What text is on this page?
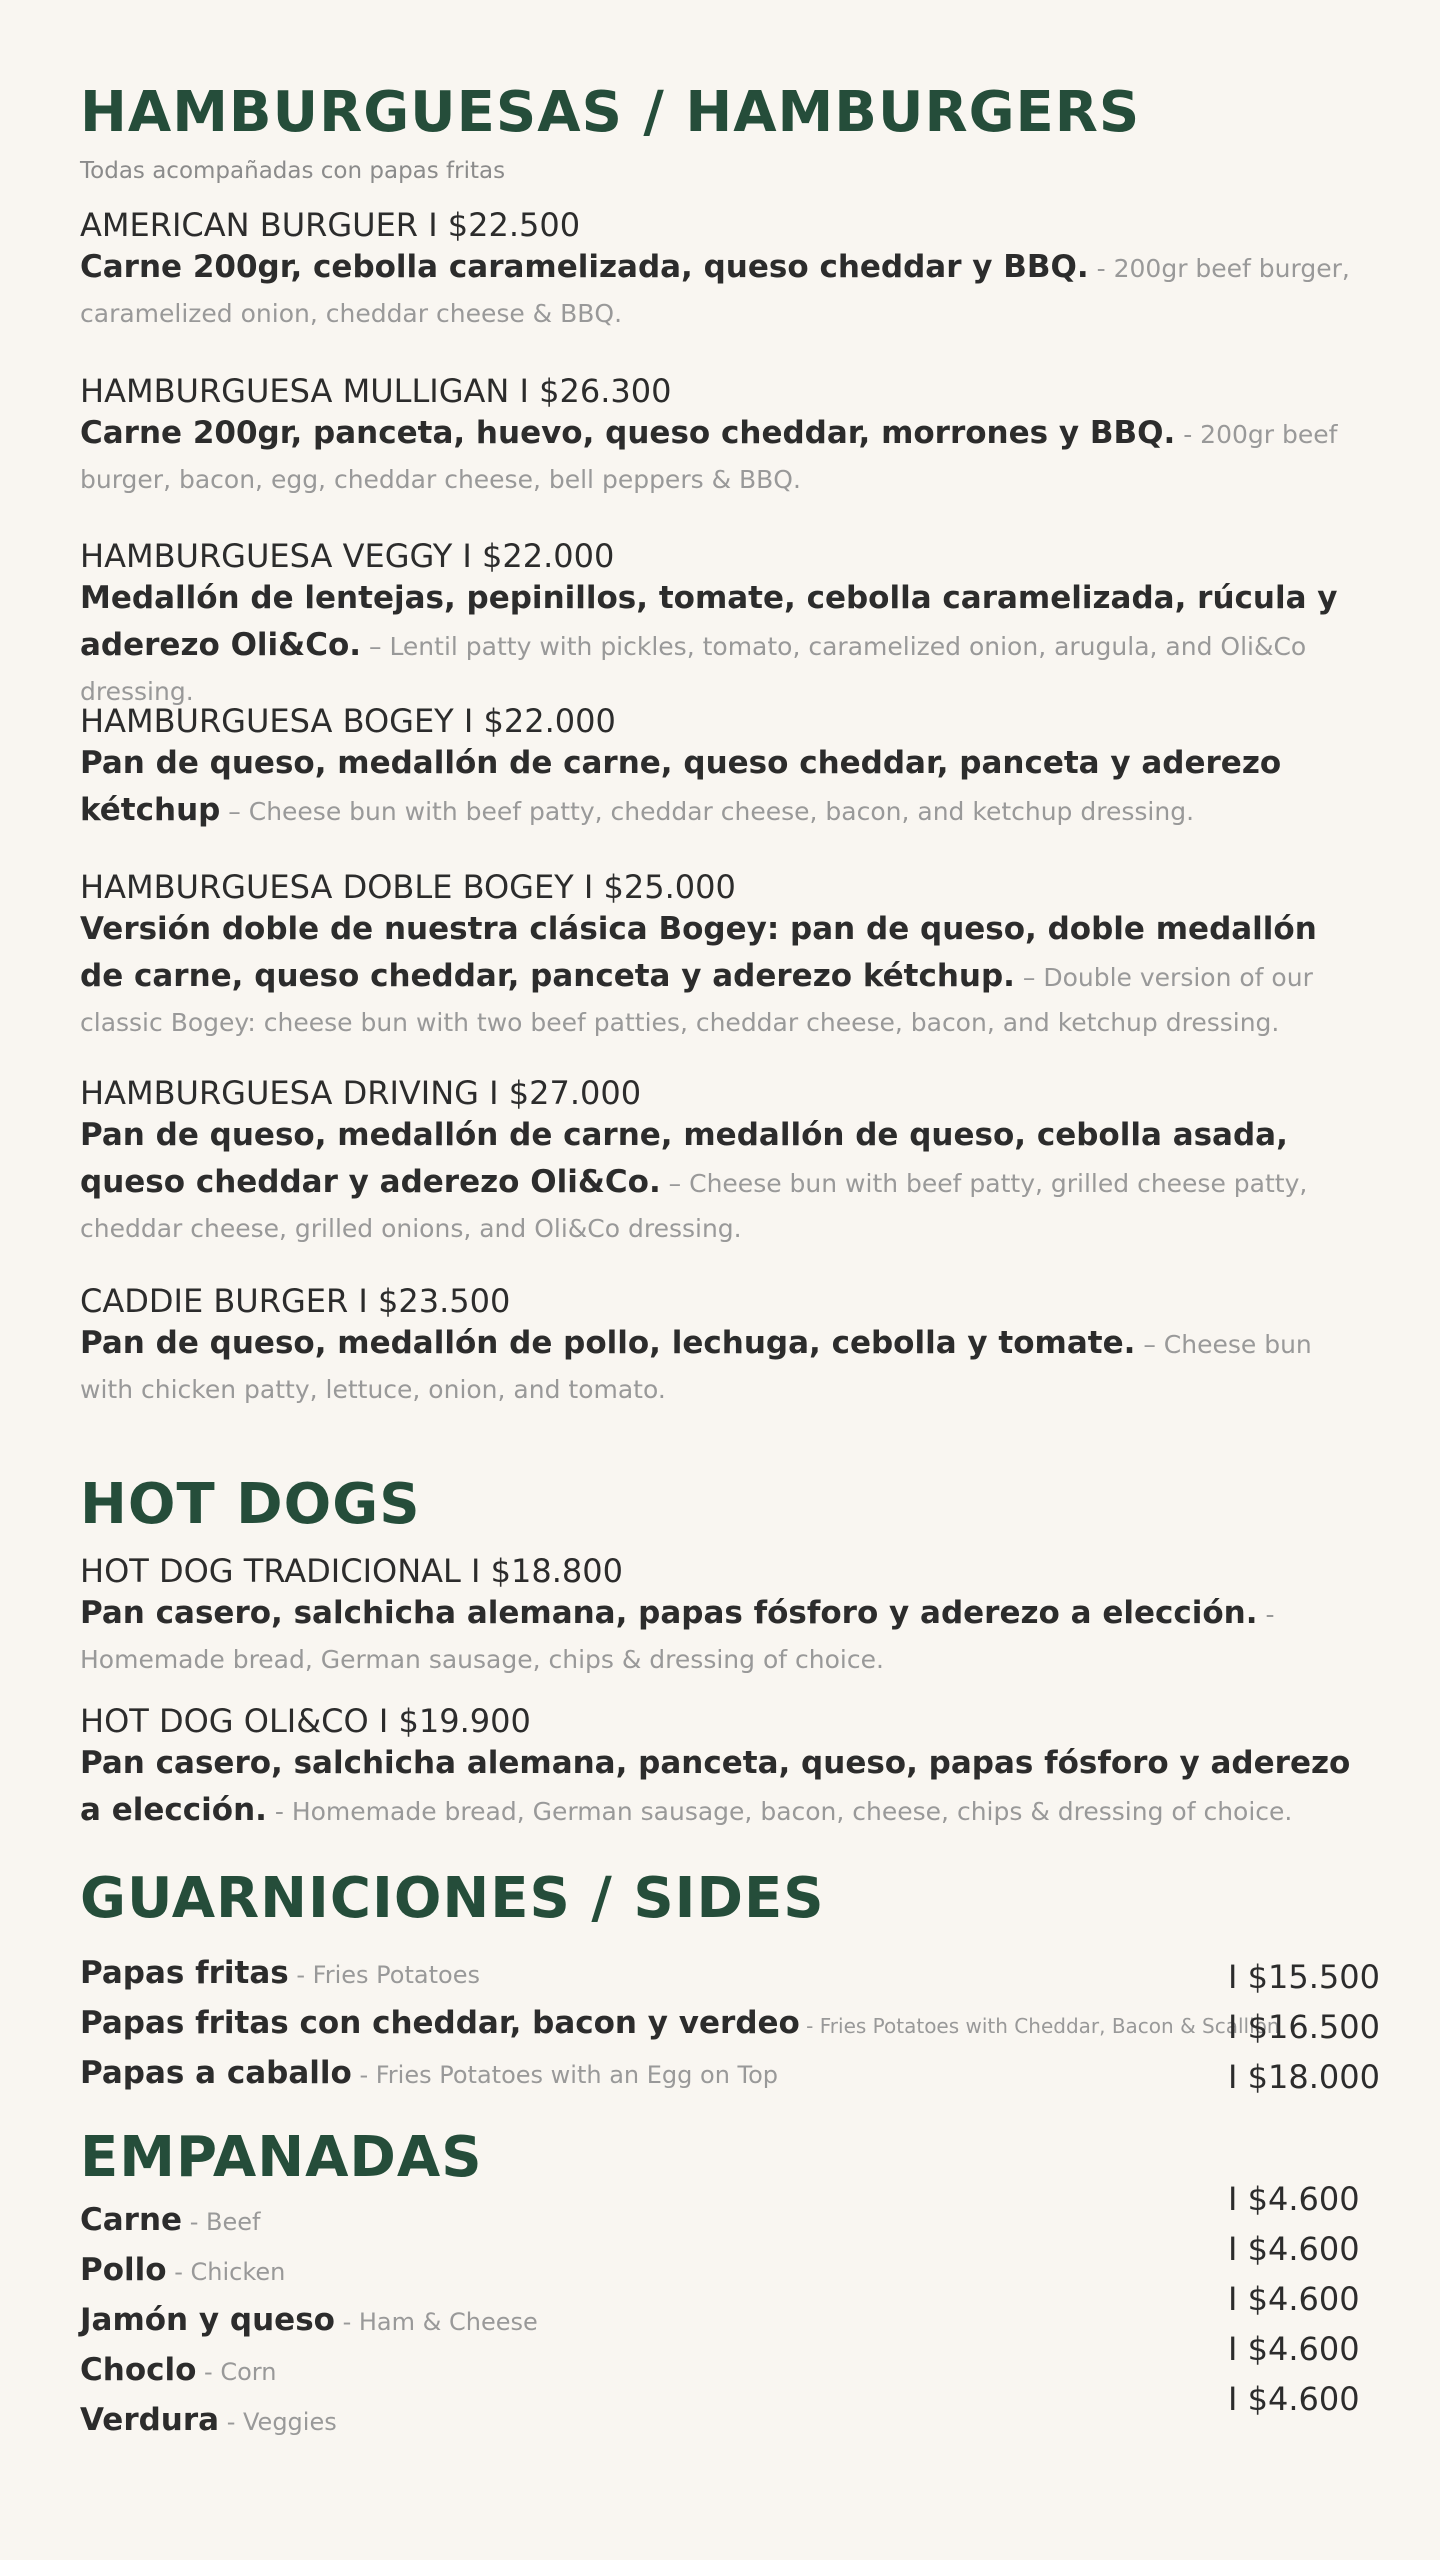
HAMBURGUESAS / HAMBURGERS

Todas acompañadas con papas fritas

AMERICAN BURGUER I $22.500
Carne 200gr, cebolla caramelizada, queso cheddar y BBQ. - 200gr beef burger, caramelized onion, cheddar cheese & BBQ.
HAMBURGUESA MULLIGAN I $26.300
Carne 200gr, panceta, huevo, queso cheddar, morrones y BBQ. - 200gr beef burger, bacon, egg, cheddar cheese, bell peppers & BBQ.
HAMBURGUESA VEGGY I $22.000
Medallón de lentejas, pepinillos, tomate, cebolla caramelizada, rúcula y aderezo Oli&Co. – Lentil patty with pickles, tomato, caramelized onion, arugula, and Oli&Co dressing.
HAMBURGUESA BOGEY I $22.000
Pan de queso, medallón de carne, queso cheddar, panceta y aderezo kétchup – Cheese bun with beef patty, cheddar cheese, bacon, and ketchup dressing.
HAMBURGUESA DOBLE BOGEY I $25.000
Versión doble de nuestra clásica Bogey: pan de queso, doble medallón de carne, queso cheddar, panceta y aderezo kétchup. – Double version of our classic Bogey: cheese bun with two beef patties, cheddar cheese, bacon, and ketchup dressing.
HAMBURGUESA DRIVING I $27.000
Pan de queso, medallón de carne, medallón de queso, cebolla asada, queso cheddar y aderezo Oli&Co. – Cheese bun with beef patty, grilled cheese patty, cheddar cheese, grilled onions, and Oli&Co dressing.
CADDIE BURGER I $23.500
Pan de queso, medallón de pollo, lechuga, cebolla y tomate. – Cheese bun with chicken patty, lettuce, onion, and tomato.
HOT DOGS
HOT DOG TRADICIONAL I $18.800
Pan casero, salchicha alemana, papas fósforo y aderezo a elección. - Homemade bread, German sausage, chips & dressing of choice.
HOT DOG OLI&CO I $19.900
Pan casero, salchicha alemana, panceta, queso, papas fósforo y aderezo a elección. - Homemade bread, German sausage, bacon, cheese, chips & dressing of choice.
GUARNICIONES / SIDES
Papas fritas - Fries Potatoes	I $15.500
Papas fritas con cheddar, bacon y verdeo - Fries Potatoes with Cheddar, Bacon & Scallion
I $16.500
Papas a caballo - Fries Potatoes with an Egg on Top	I $18.000
EMPANADAS
Carne - Beef
I $4.600
Pollo - Chicken
I $4.600
Jamón y queso - Ham & Cheese
I $4.600
Choclo - Corn
I $4.600
Verdura - Veggies
I $4.600
